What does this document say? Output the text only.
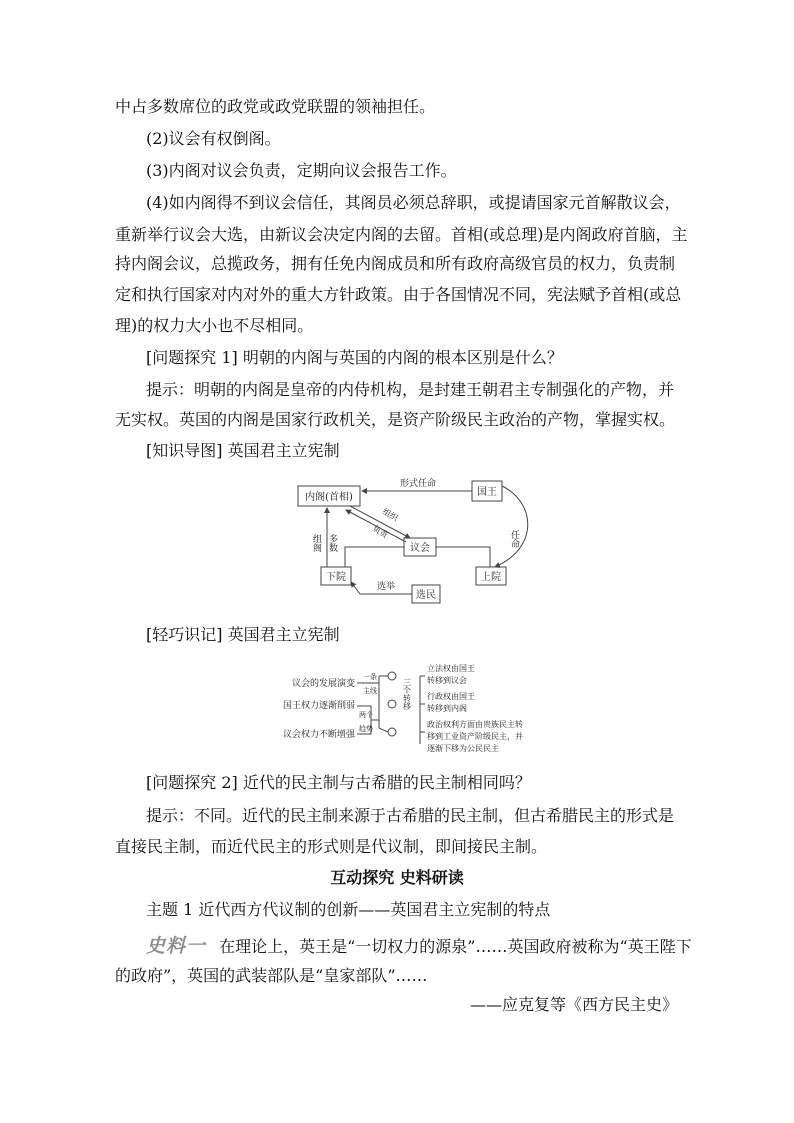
中占多数席位的政党或政党联盟的领袖担任。
(2)议会有权倒阁。
(3)内阁对议会负责，定期向议会报告工作。
(4)如内阁得不到议会信任，其阁员必须总辞职，或提请国家元首解散议会，
重新举行议会大选，由新议会决定内阁的去留。首相(或总理)是内阁政府首脑，主
持内阁会议，总揽政务，拥有任免内阁成员和所有政府高级官员的权力，负责制
定和执行国家对内对外的重大方针政策。由于各国情况不同，宪法赋予首相(或总
理)的权力大小也不尽相同。
[问题探究 1] 明朝的内阁与英国的内阁的根本区别是什么？
提示：明朝的内阁是皇帝的内侍机构，是封建王朝君主专制强化的产物，并
无实权。英国的内阁是国家行政机关，是资产阶级民主政治的产物，掌握实权。
[知识导图] 英国君主立宪制
内阁(首相)	国王
议会
下院	上院
选民
形式任命
任命
组织
负责
组阁 多数
选举
[轻巧识记] 英国君主立宪制
议会的发展演变
国王权力逐渐削弱
议会权力不断增强
一条
主线
两个
趋势
三个转移
立法权由国王
转移到议会
行政权由国王
转移到内阁
政治权利方面由贵族民主转
移到工业资产阶级民主，并
逐渐下移为公民民主
[问题探究 2] 近代的民主制与古希腊的民主制相同吗？
提示：不同。近代的民主制来源于古希腊的民主制，但古希腊民主的形式是
直接民主制，而近代民主的形式则是代议制，即间接民主制。
互动探究 史料研读
主题 1 近代西方代议制的创新——英国君主立宪制的特点
史料一 在理论上，英王是“一切权力的源泉”……英国政府被称为“英王陛下
的政府”，英国的武装部队是“皇家部队”……
——应克复等《西方民主史》
